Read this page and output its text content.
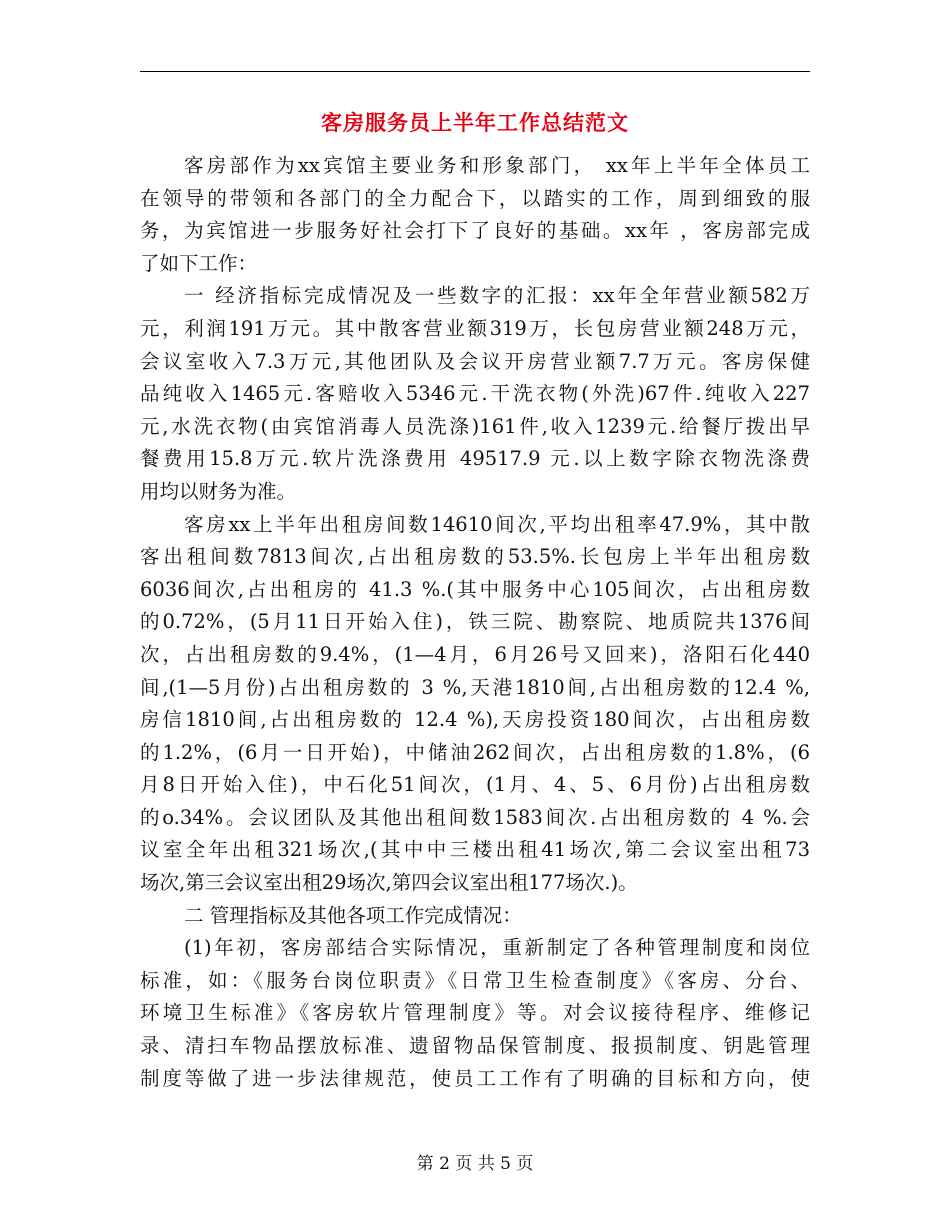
客房服务员上半年工作总结范文
客房部作为xx宾馆主要业务和形象部门， xx年上半年全体员工
在领导的带领和各部门的全力配合下，以踏实的工作，周到细致的服
务，为宾馆进一步服务好社会打下了良好的基础。xx年 ，客房部完成
了如下工作：
一 经济指标完成情况及一些数字的汇报：xx年全年营业额582万
元，利润191万元。其中散客营业额319万，长包房营业额248万元，
会议室收入7.3万元,其他团队及会议开房营业额7.7万元。客房保健
品纯收入1465元.客赔收入5346元.干洗衣物(外洗)67件.纯收入227
元,水洗衣物(由宾馆消毒人员洗涤)161件,收入1239元.给餐厅拨出早
餐费用15.8万元.软片洗涤费用 49517.9 元.以上数字除衣物洗涤费
用均以财务为准。
客房xx上半年出租房间数14610间次,平均出租率47.9%，其中散
客出租间数7813间次,占出租房数的53.5%.长包房上半年出租房数
6036间次,占出租房的 41.3 %.(其中服务中心105间次，占出租房数
的0.72%，(5月11日开始入住)，铁三院、勘察院、地质院共1376间
次，占出租房数的9.4%，(1—4月，6月26号又回来)，洛阳石化440
间,(1—5月份)占出租房数的 3 %,天港1810间,占出租房数的12.4 %,
房信1810间,占出租房数的 12.4 %),天房投资180间次，占出租房数
的1.2%，(6月一日开始)，中储油262间次，占出租房数的1.8%，(6
月8日开始入住)，中石化51间次，(1月、4、5、6月份)占出租房数
的o.34%。会议团队及其他出租间数1583间次.占出租房数的 4 %.会
议室全年出租321场次,(其中中三楼出租41场次,第二会议室出租73
场次,第三会议室出租29场次,第四会议室出租177场次.)。
二 管理指标及其他各项工作完成情况：
(1)年初，客房部结合实际情况，重新制定了各种管理制度和岗位
标准，如：《服务台岗位职责》《日常卫生检查制度》《客房、分台、
环境卫生标准》《客房软片管理制度》等。对会议接待程序、维修记
录、清扫车物品摆放标准、遗留物品保管制度、报损制度、钥匙管理
制度等做了进一步法律规范，使员工工作有了明确的目标和方向，使
第 2 页 共 5 页
